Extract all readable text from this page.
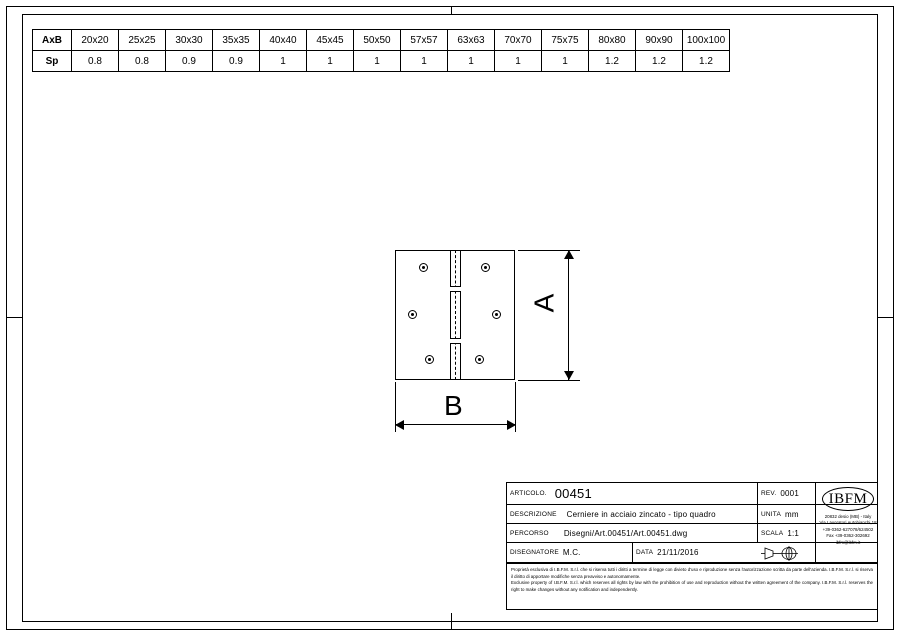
AxB	20x20	25x25	30x30	35x35	40x40	45x45	50x50	57x57	63x63	70x70	75x75	80x80	90x90	100x100
Sp	0.8	0.8	0.9	0.9	1	1	1	1	1	1	1	1.2	1.2	1.2
A
B
ARTICOLO. 00451	REV. 0001
DESCRIZIONE	Cerniere in acciaio zincato - tipo quadro	UNITA mm
PERCORSO	Disegni/Art.00451/Art.00451.dwg	SCALA 1:1
DISEGNATORE M.C.	DATA 21/11/2016
IBFM
20832 desio (MB) - Italy
Via Lavoratori Autobianchi,18
+39-0362-627078/624502
Fax +39-0362-302692
ibfm@ibfm.it
Proprietà esclusiva di I.B.F.M. S.r.l. che si riserva tutti i diritti a termine di legge con divieto d'uso e riproduzione senza l'autorizzazione scritta da parte dell'azienda. I.B.F.M. S.r.l. si riserva il diritto di apportare modifiche senza preavviso e autonomamente.
Exclusive property of I.B.F.M. S.r.l. which reserves all rights by law with the prohibition of use and reproduction without the written agreement of the company. I.B.F.M. S.r.l. reserves the right to make changes without any notification and independently.
